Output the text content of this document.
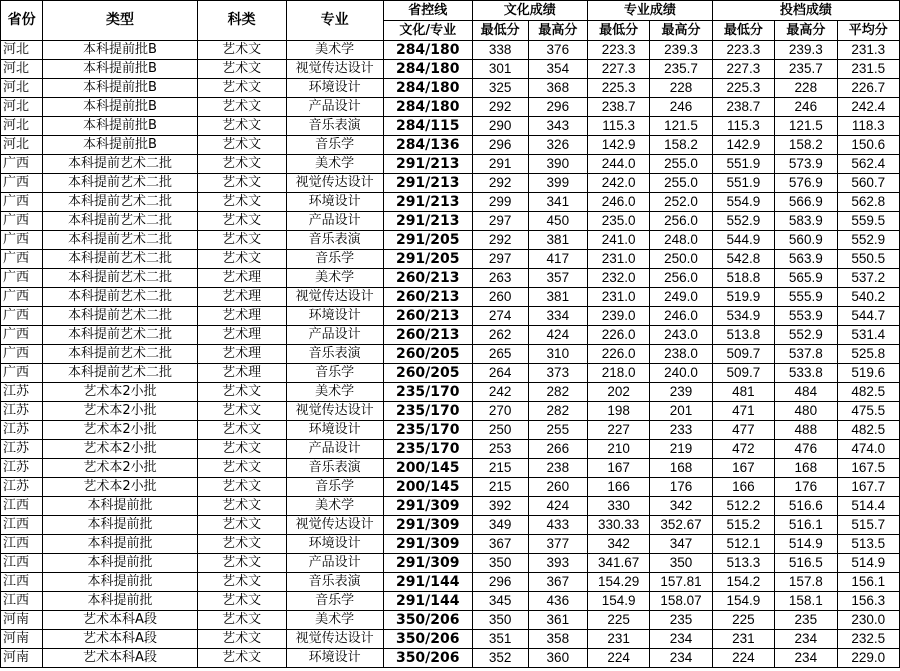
省份	类型	科类	专业	省控线	文化成绩		专业成绩		投档成绩		
				文化/专业	最低分	最高分	最低分	最高分	最低分	最高分	平均分
河北	本科提前批B	艺术文	美术学	284/180	338	376	223.3	239.3	223.3	239.3	231.3
河北	本科提前批B	艺术文	视觉传达设计	284/180	301	354	227.3	235.7	227.3	235.7	231.5
河北	本科提前批B	艺术文	环境设计	284/180	325	368	225.3	228	225.3	228	226.7
河北	本科提前批B	艺术文	产品设计	284/180	292	296	238.7	246	238.7	246	242.4
河北	本科提前批B	艺术文	音乐表演	284/115	290	343	115.3	121.5	115.3	121.5	118.3
河北	本科提前批B	艺术文	音乐学	284/136	296	326	142.9	158.2	142.9	158.2	150.6
广西	本科提前艺术二批	艺术文	美术学	291/213	291	390	244.0	255.0	551.9	573.9	562.4
广西	本科提前艺术二批	艺术文	视觉传达设计	291/213	292	399	242.0	255.0	551.9	576.9	560.7
广西	本科提前艺术二批	艺术文	环境设计	291/213	299	341	246.0	252.0	554.9	566.9	562.8
广西	本科提前艺术二批	艺术文	产品设计	291/213	297	450	235.0	256.0	552.9	583.9	559.5
广西	本科提前艺术二批	艺术文	音乐表演	291/205	292	381	241.0	248.0	544.9	560.9	552.9
广西	本科提前艺术二批	艺术文	音乐学	291/205	297	417	231.0	250.0	542.8	563.9	550.5
广西	本科提前艺术二批	艺术理	美术学	260/213	263	357	232.0	256.0	518.8	565.9	537.2
广西	本科提前艺术二批	艺术理	视觉传达设计	260/213	260	381	231.0	249.0	519.9	555.9	540.2
广西	本科提前艺术二批	艺术理	环境设计	260/213	274	334	239.0	246.0	534.9	553.9	544.7
广西	本科提前艺术二批	艺术理	产品设计	260/213	262	424	226.0	243.0	513.8	552.9	531.4
广西	本科提前艺术二批	艺术理	音乐表演	260/205	265	310	226.0	238.0	509.7	537.8	525.8
广西	本科提前艺术二批	艺术理	音乐学	260/205	264	373	218.0	240.0	509.7	533.8	519.6
江苏	艺术本2小批	艺术文	美术学	235/170	242	282	202	239	481	484	482.5
江苏	艺术本2小批	艺术文	视觉传达设计	235/170	270	282	198	201	471	480	475.5
江苏	艺术本2小批	艺术文	环境设计	235/170	250	255	227	233	477	488	482.5
江苏	艺术本2小批	艺术文	产品设计	235/170	253	266	210	219	472	476	474.0
江苏	艺术本2小批	艺术文	音乐表演	200/145	215	238	167	168	167	168	167.5
江苏	艺术本2小批	艺术文	音乐学	200/145	215	260	166	176	166	176	167.7
江西	本科提前批	艺术文	美术学	291/309	392	424	330	342	512.2	516.6	514.4
江西	本科提前批	艺术文	视觉传达设计	291/309	349	433	330.33	352.67	515.2	516.1	515.7
江西	本科提前批	艺术文	环境设计	291/309	367	377	342	347	512.1	514.9	513.5
江西	本科提前批	艺术文	产品设计	291/309	350	393	341.67	350	513.3	516.5	514.9
江西	本科提前批	艺术文	音乐表演	291/144	296	367	154.29	157.81	154.2	157.8	156.1
江西	本科提前批	艺术文	音乐学	291/144	345	436	154.9	158.07	154.9	158.1	156.3
河南	艺术本科A段	艺术文	美术学	350/206	350	361	225	235	225	235	230.0
河南	艺术本科A段	艺术文	视觉传达设计	350/206	351	358	231	234	231	234	232.5
河南	艺术本科A段	艺术文	环境设计	350/206	352	360	224	234	224	234	229.0
